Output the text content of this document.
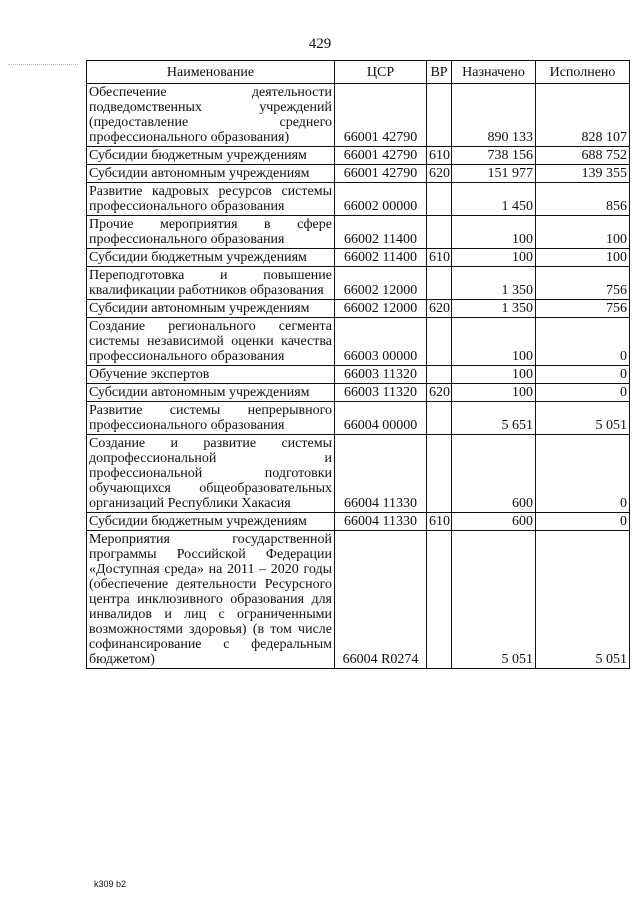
429
Наименование	ЦСР	ВР	Назначено	Исполнено
Обеспечение деятельности подведомственных учреждений (предоставление среднего профессионального образования)	66001 42790		890 133	828 107
Субсидии бюджетным учреждениям	66001 42790	610	738 156	688 752
Субсидии автономным учреждениям	66001 42790	620	151 977	139 355
Развитие кадровых ресурсов системы профессионального образования	66002 00000		1 450	856
Прочие мероприятия в сфере профессионального образования	66002 11400		100	100
Субсидии бюджетным учреждениям	66002 11400	610	100	100
Переподготовка и повышение квалификации работников образования	66002 12000		1 350	756
Субсидии автономным учреждениям	66002 12000	620	1 350	756
Создание регионального сегмента системы независимой оценки качества профессионального образования	66003 00000		100	0
Обучение экспертов	66003 11320		100	0
Субсидии автономным учреждениям	66003 11320	620	100	0
Развитие системы непрерывного профессионального образования	66004 00000		5 651	5 051
Создание и развитие системы допрофессиональной и профессиональной подготовки обучающихся общеобразовательных организаций Республики Хакасия	66004 11330		600	0
Субсидии бюджетным учреждениям	66004 11330	610	600	0
Мероприятия государственной программы Российской Федерации «Доступная среда» на 2011 – 2020 годы (обеспечение деятельности Ресурсного центра инклюзивного образования для инвалидов и лиц с ограниченными возможностями здоровья) (в том числе софинансирование с федеральным бюджетом)	66004 R0274		5 051	5 051
k309 b2
